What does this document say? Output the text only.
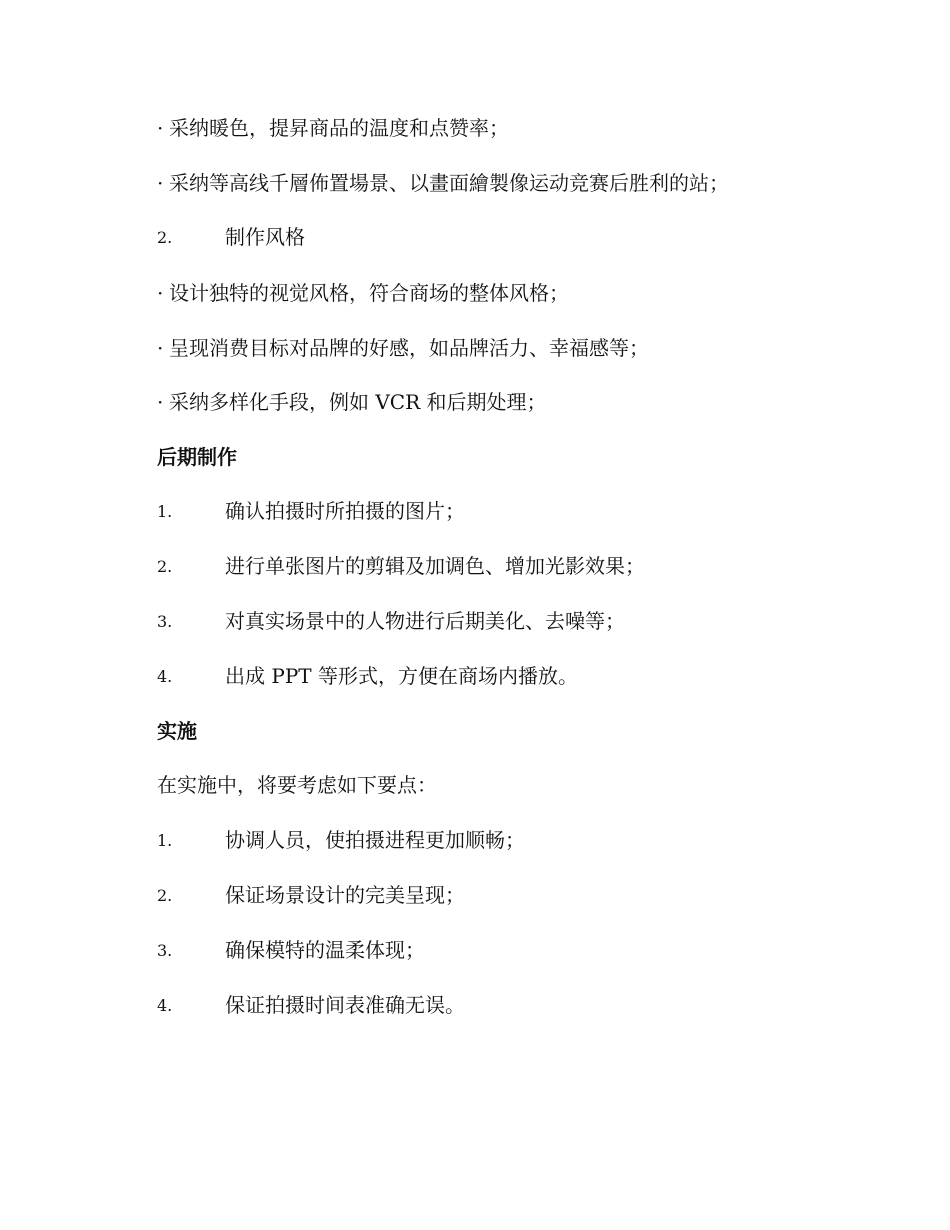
· 采纳暖色，提昇商品的温度和点赞率；
· 采纳等高线千層佈置場景、以畫面繪製像运动竞赛后胜利的站；
2.	制作风格
· 设计独特的视觉风格，符合商场的整体风格；
· 呈现消费目标对品牌的好感，如品牌活力、幸福感等；
· 采纳多样化手段，例如 VCR 和后期处理；
后期制作
1.	确认拍摄时所拍摄的图片；
2.	进行单张图片的剪辑及加调色、增加光影效果；
3.	对真实场景中的人物进行后期美化、去噪等；
4.	出成 PPT 等形式，方便在商场内播放。
实施
在实施中，将要考虑如下要点：
1.	协调人员，使拍摄进程更加顺畅；
2.	保证场景设计的完美呈现；
3.	确保模特的温柔体现；
4.	保证拍摄时间表准确无误。
